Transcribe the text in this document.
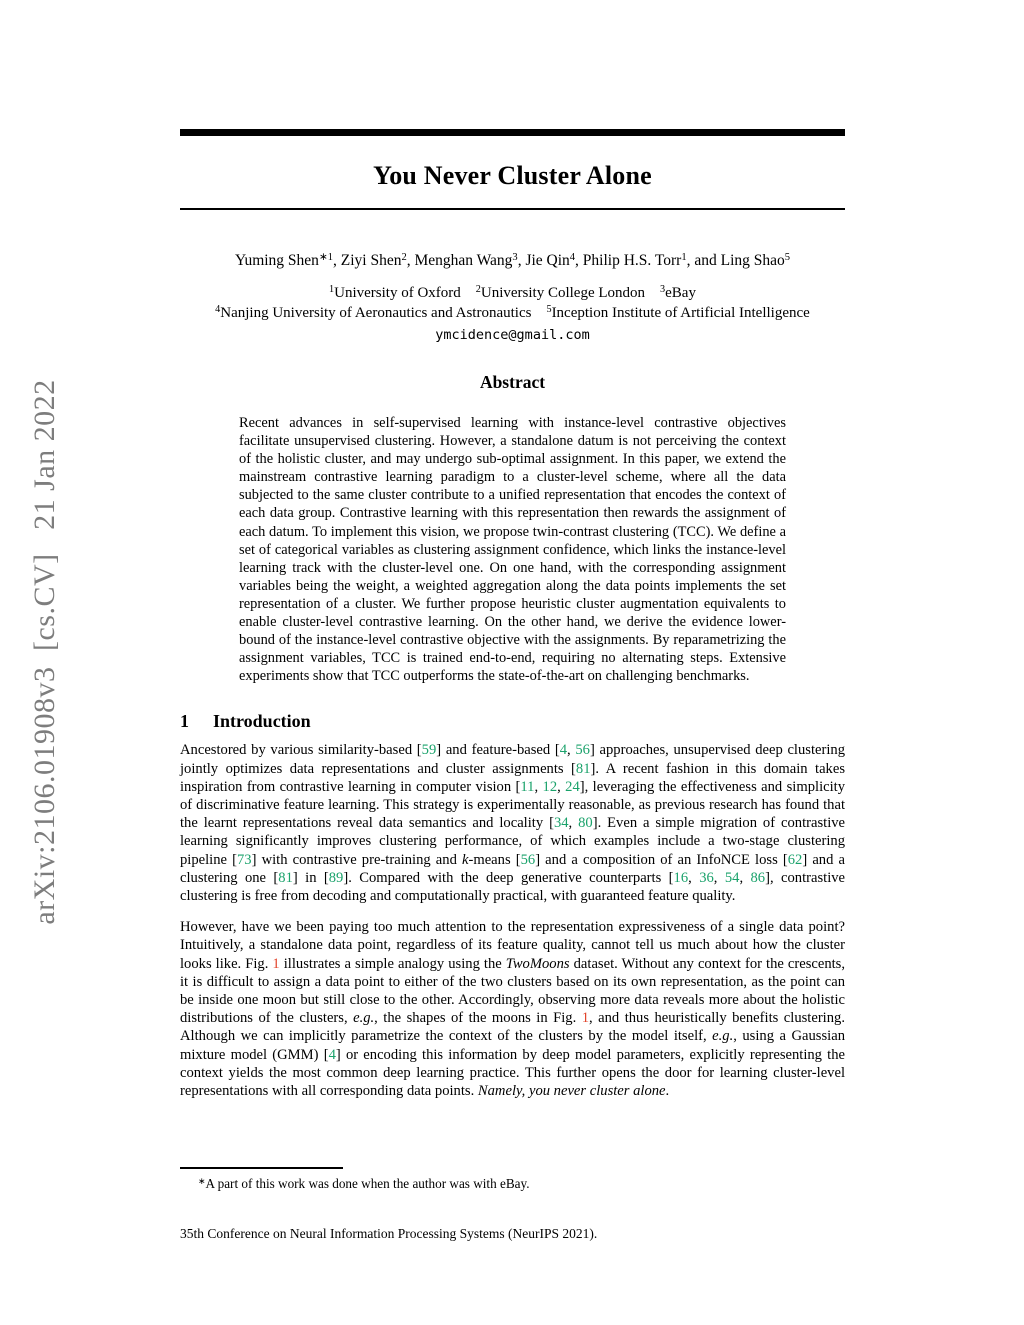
arXiv:2106.01908v3 [cs.CV]  21 Jan 2022
You Never Cluster Alone

Yuming Shen$^{∗1}$, Ziyi Shen$^2$, Menghan Wang$^3$, Jie Qin$^4$, Philip H.S. Torr$^1$, and Ling Shao$^5$

$^1$University of Oxford $^2$University College London $^3$eBay

$^4$Nanjing University of Aeronautics and Astronautics $^5$Inception Institute of Artificial Intelligence

ymcidence@gmail.com

Abstract

Recent advances in self-supervised learning with instance-level contrastive objectives facilitate unsupervised clustering. However, a standalone datum is not perceiving the context of the holistic cluster, and may undergo sub-optimal assignment. In this paper, we extend the mainstream contrastive learning paradigm to a cluster-level scheme, where all the data subjected to the same cluster contribute to a unified representation that encodes the context of each data group. Contrastive learning with this representation then rewards the assignment of each datum. To implement this vision, we propose twin-contrast clustering (TCC). We define a set of categorical variables as clustering assignment confidence, which links the instance-level learning track with the cluster-level one. On one hand, with the corresponding assignment variables being the weight, a weighted aggregation along the data points implements the set representation of a cluster. We further propose heuristic cluster augmentation equivalents to enable cluster-level contrastive learning. On the other hand, we derive the evidence lower-bound of the instance-level contrastive objective with the assignments. By reparametrizing the assignment variables, TCC is trained end-to-end, requiring no alternating steps. Extensive experiments show that TCC outperforms the state-of-the-art on challenging benchmarks.

1 Introduction

Ancestored by various similarity-based [59] and feature-based [4, 56] approaches, unsupervised deep clustering jointly optimizes data representations and cluster assignments [81]. A recent fashion in this domain takes inspiration from contrastive learning in computer vision [11, 12, 24], leveraging the effectiveness and simplicity of discriminative feature learning. This strategy is experimentally reasonable, as previous research has found that the learnt representations reveal data semantics and locality [34, 80]. Even a simple migration of contrastive learning significantly improves clustering performance, of which examples include a two-stage clustering pipeline [73] with contrastive pre-training and k-means [56] and a composition of an InfoNCE loss [62] and a clustering one [81] in [89]. Compared with the deep generative counterparts [16, 36, 54, 86], contrastive clustering is free from decoding and computationally practical, with guaranteed feature quality.

However, have we been paying too much attention to the representation expressiveness of a single data point? Intuitively, a standalone data point, regardless of its feature quality, cannot tell us much about how the cluster looks like. Fig. 1 illustrates a simple analogy using the TwoMoons dataset. Without any context for the crescents, it is difficult to assign a data point to either of the two clusters based on its own representation, as the point can be inside one moon but still close to the other. Accordingly, observing more data reveals more about the holistic distributions of the clusters, e.g., the shapes of the moons in Fig. 1, and thus heuristically benefits clustering. Although we can implicitly parametrize the context of the clusters by the model itself, e.g., using a Gaussian mixture model (GMM) [4] or encoding this information by deep model parameters, explicitly representing the context yields the most common deep learning practice. This further opens the door for learning cluster-level representations with all corresponding data points. Namely, you never cluster alone.

∗A part of this work was done when the author was with eBay.

35th Conference on Neural Information Processing Systems (NeurIPS 2021).
